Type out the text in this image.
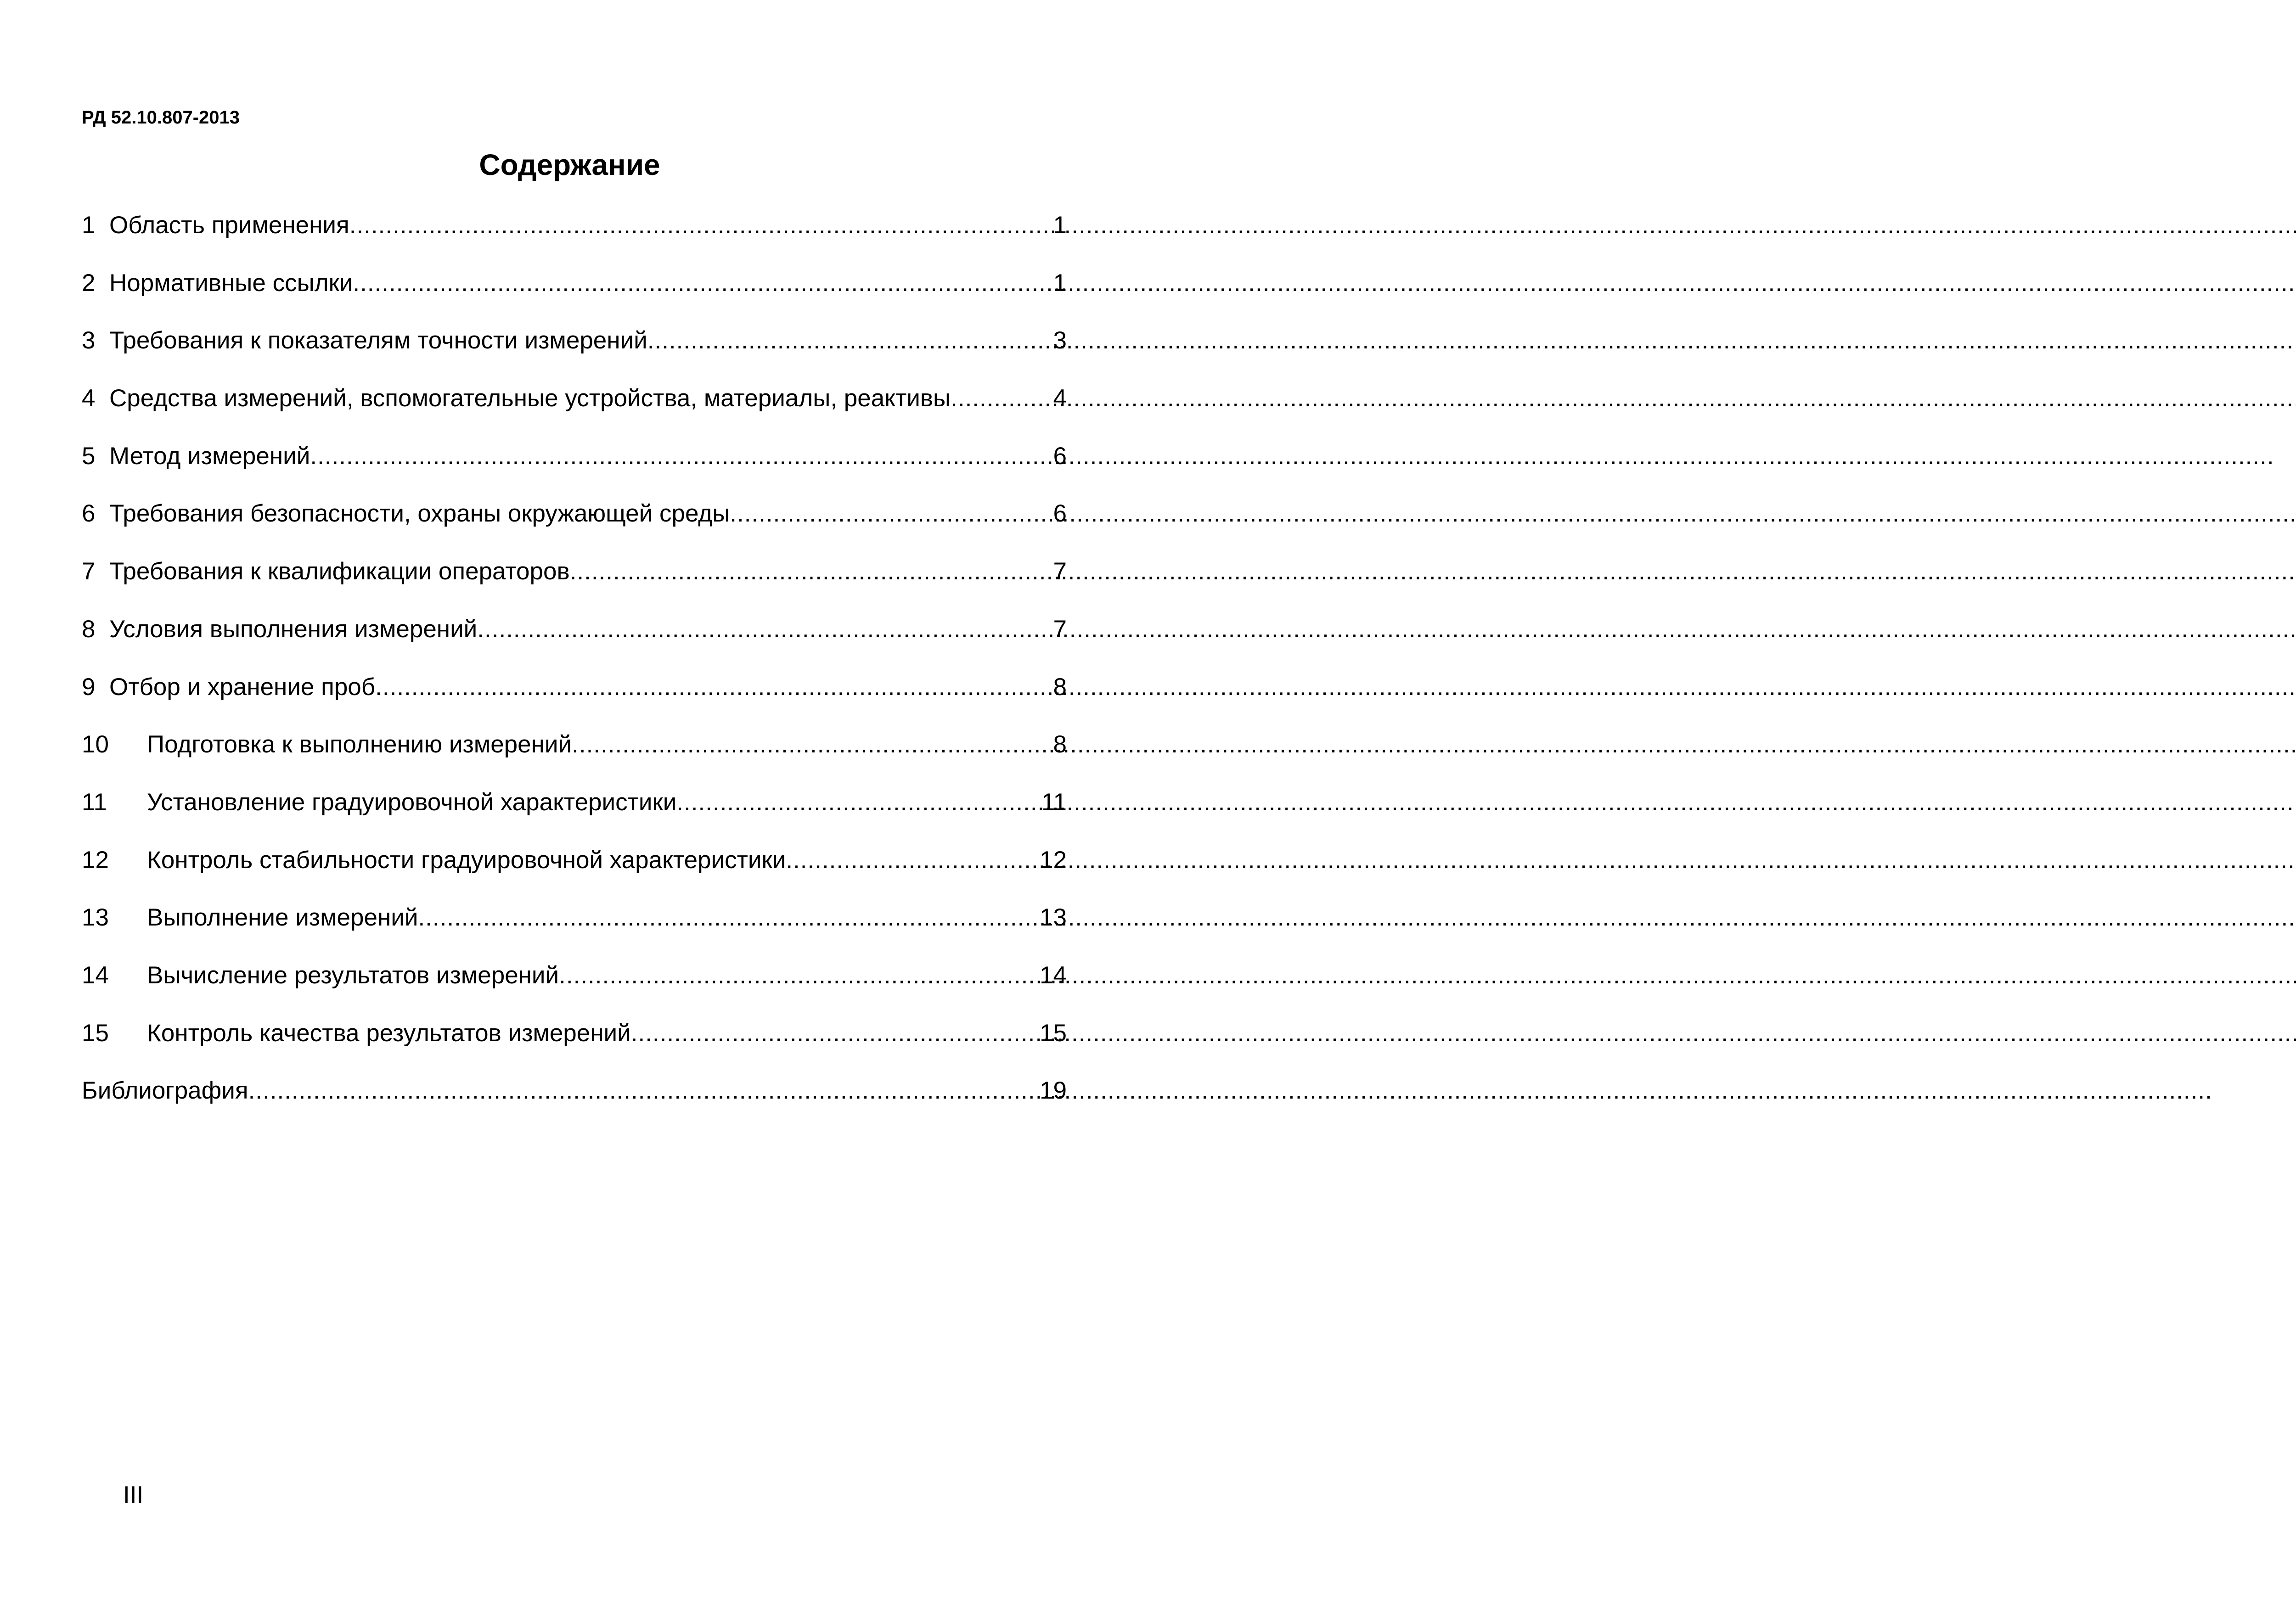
РД 52.10.807-2013
Содержание
1 Область применения .....	1
2 Нормативные ссылки .....	1
3 Требования к показателям точности измерений .....	3
4 Средства измерений, вспомогательные устройства, материалы, реактивы .....	4
5 Метод измерений .....	6
6 Требования безопасности, охраны окружающей среды .....	6
7 Требования к квалификации операторов .....	7
8 Условия выполнения измерений .....	7
9 Отбор и хранение проб .....	8
10	Подготовка к выполнению измерений .....	8
11	Установление градуировочной характеристики .....	11
12	Контроль стабильности градуировочной характеристики .....	12
13	Выполнение измерений .....	13
14	Вычисление результатов измерений .....	14
15	Контроль качества результатов измерений .....	15
Библиография .....	19
III
